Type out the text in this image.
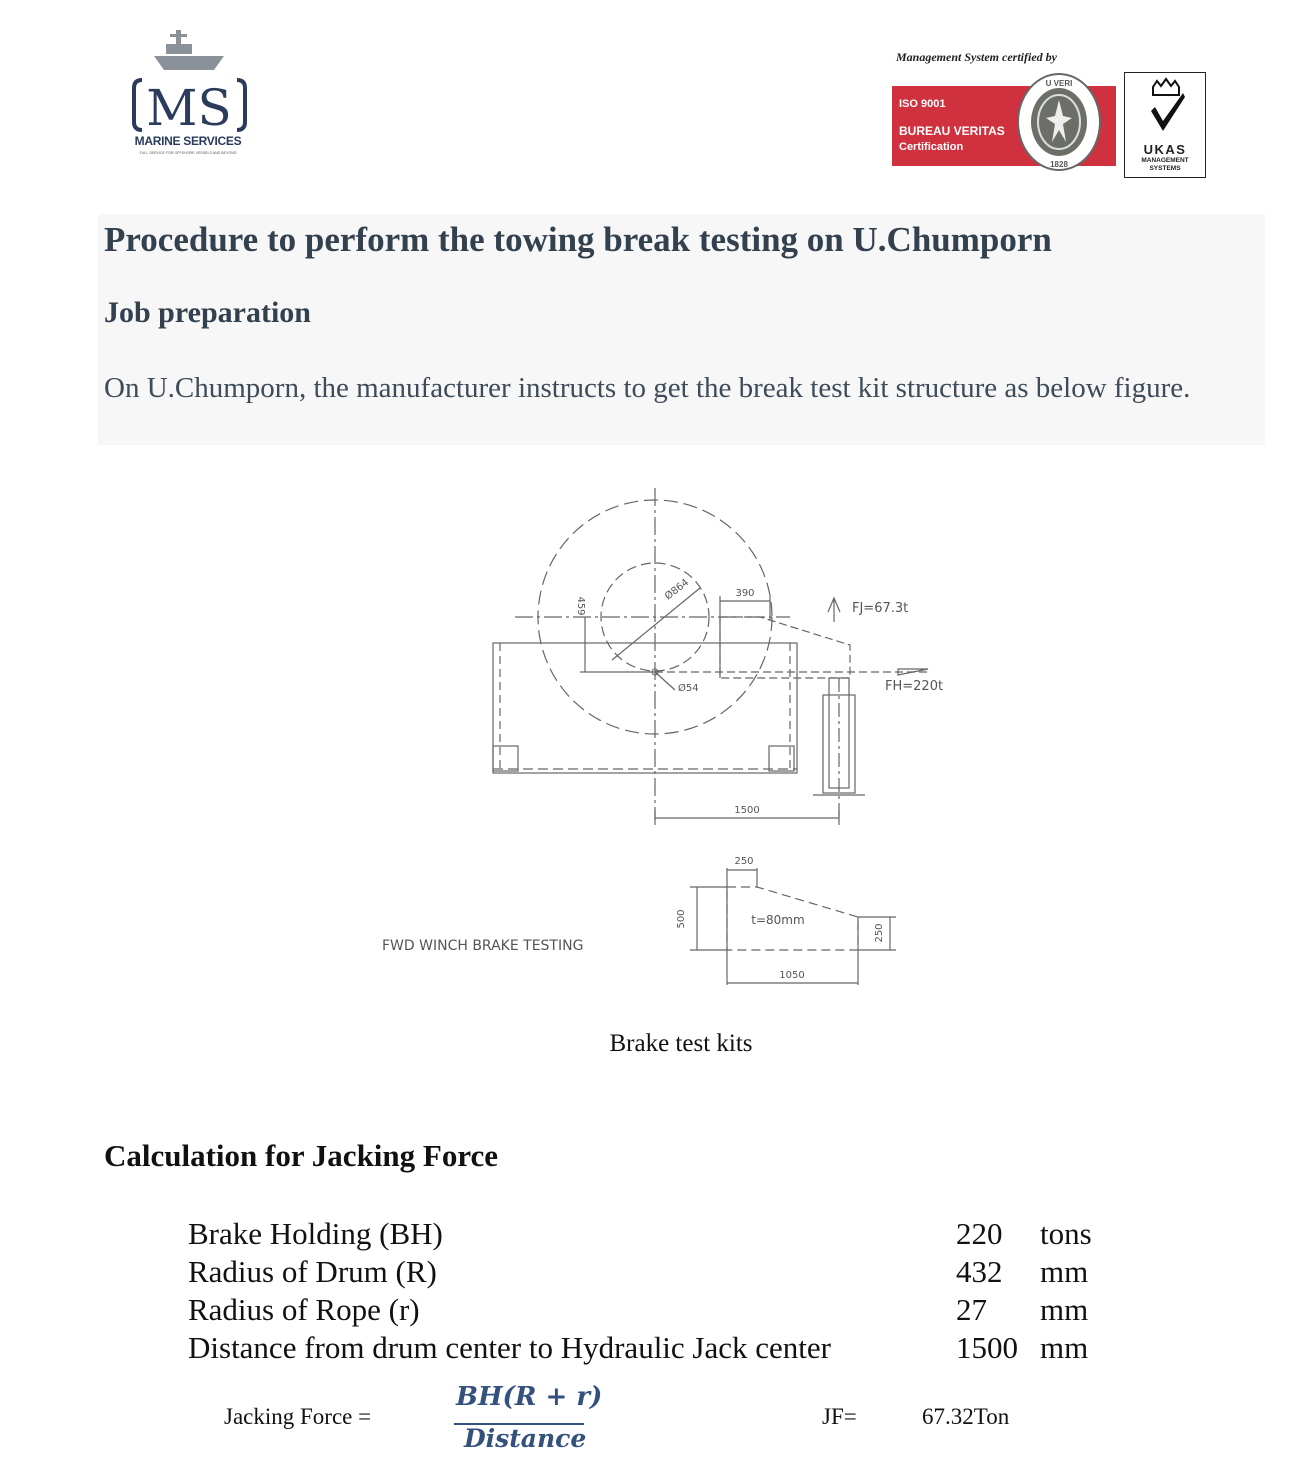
MS
MARINE SERVICES
FULL SERVICE FOR OFFSHORE VESSELS AND BEYOND
Management System certified by
ISO 9001
BUREAU VERITAS
Certification
U VERI
1828
UKAS
MANAGEMENT
SYSTEMS
Procedure to perform the towing break testing on U.Chumporn
Job preparation
On U.Chumporn, the manufacturer instructs to get the break test kit structure as below figure.
Ø864
Ø54
459
390
FJ=67.3t
FH=220t
1500
250
500	t=80mm
250
1050
FWD WINCH BRAKE TESTING
Brake test kits
Calculation for Jacking Force
Brake Holding (BH)	220 tons
Radius of Drum (R)	432 mm
Radius of Rope (r)	27 mm
Distance from drum center to Hydraulic Jack center	1500 mm
Jacking Force =
BH(R + r)
Distance
JF=	67.32Ton
